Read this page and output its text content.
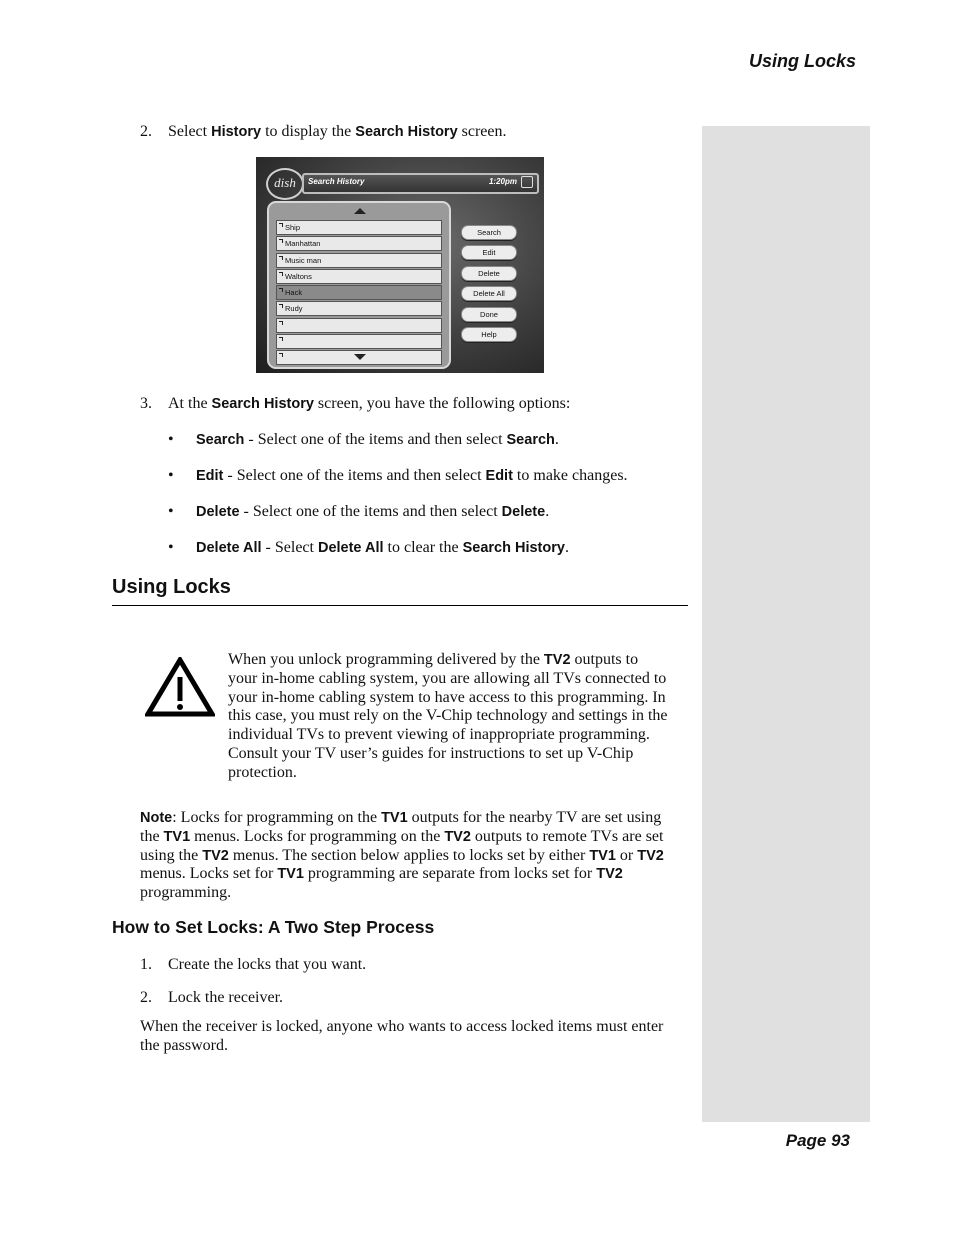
Using Locks
2. Select History to display the Search History screen.
dish	Search History	1:20pm
Ship
Manhattan
Music man
Waltons
Hack
Rudy
Search
Edit
Delete
Delete All
Done
Help
3. At the Search History screen, you have the following options:
• Search - Select one of the items and then select Search.
• Edit - Select one of the items and then select Edit to make changes.
• Delete - Select one of the items and then select Delete.
• Delete All - Select Delete All to clear the Search History.
Using Locks
When you unlock programming delivered by the TV2 outputs to your in-home cabling system, you are allowing all TVs connected to your in-home cabling system to have access to this programming. In this case, you must rely on the V-Chip technology and settings in the individual TVs to prevent viewing of inappropriate programming. Consult your TV user’s guides for instructions to set up V-Chip protection.
Note: Locks for programming on the TV1 outputs for the nearby TV are set using the TV1 menus. Locks for programming on the TV2 outputs to remote TVs are set using the TV2 menus. The section below applies to locks set by either TV1 or TV2 menus. Locks set for TV1 programming are separate from locks set for TV2 programming.
How to Set Locks: A Two Step Process
1. Create the locks that you want.
2. Lock the receiver.
When the receiver is locked, anyone who wants to access locked items must enter the password.
Page 93
